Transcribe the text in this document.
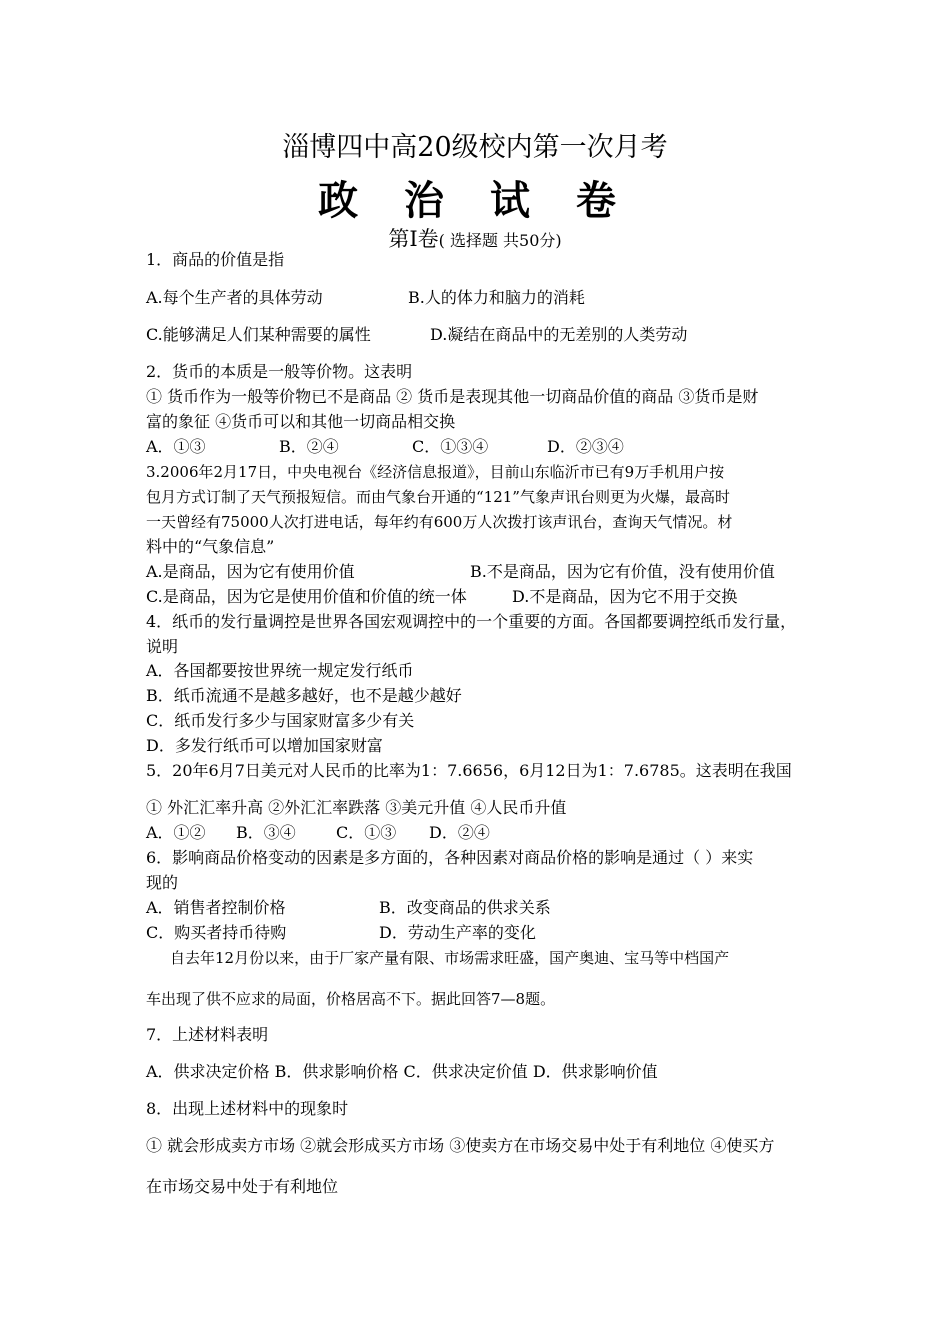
淄博四中高20级校内第一次月考
政 治 试 卷
第Ⅰ卷( 选择题 共50分)
1．商品的价值是指
A.每个生产者的具体劳动	B.人的体力和脑力的消耗
C.能够满足人们某种需要的属性	D.凝结在商品中的无差别的人类劳动
2．货币的本质是一般等价物。这表明
① 货币作为一般等价物已不是商品 ② 货币是表现其他一切商品价值的商品 ③货币是财
富的象征 ④货币可以和其他一切商品相交换
A．①③	B．②④	C．①③④	D．②③④
3.2006年2月17日，中央电视台《经济信息报道》，目前山东临沂市已有9万手机用户按
包月方式订制了天气预报短信。而由气象台开通的“121”气象声讯台则更为火爆，最高时
一天曾经有75000人次打进电话，每年约有600万人次拨打该声讯台，查询天气情况。材
料中的“气象信息”
A.是商品，因为它有使用价值	B.不是商品，因为它有价值，没有使用价值
C.是商品，因为它是使用价值和价值的统一体	D.不是商品，因为它不用于交换
4．纸币的发行量调控是世界各国宏观调控中的一个重要的方面。各国都要调控纸币发行量，
说明
A．各国都要按世界统一规定发行纸币
B．纸币流通不是越多越好，也不是越少越好
C．纸币发行多少与国家财富多少有关
D．多发行纸币可以增加国家财富
5．20年6月7日美元对人民币的比率为1：7.6656，6月12日为1：7.6785。这表明在我国
① 外汇汇率升高 ②外汇汇率跌落 ③美元升值 ④人民币升值
A．①② B．③④	C．①③ D．②④
6．影响商品价格变动的因素是多方面的，各种因素对商品价格的影响是通过（ ）来实
现的
A．销售者控制价格	B．改变商品的供求关系
C．购买者持币待购	D．劳动生产率的变化
自去年12月份以来，由于厂家产量有限、市场需求旺盛，国产奥迪、宝马等中档国产
车出现了供不应求的局面，价格居高不下。据此回答7—8题。
7．上述材料表明
A．供求决定价格 B．供求影响价格 C．供求决定价值 D．供求影响价值
8．出现上述材料中的现象时
① 就会形成卖方市场 ②就会形成买方市场 ③使卖方在市场交易中处于有利地位 ④使买方
在市场交易中处于有利地位
